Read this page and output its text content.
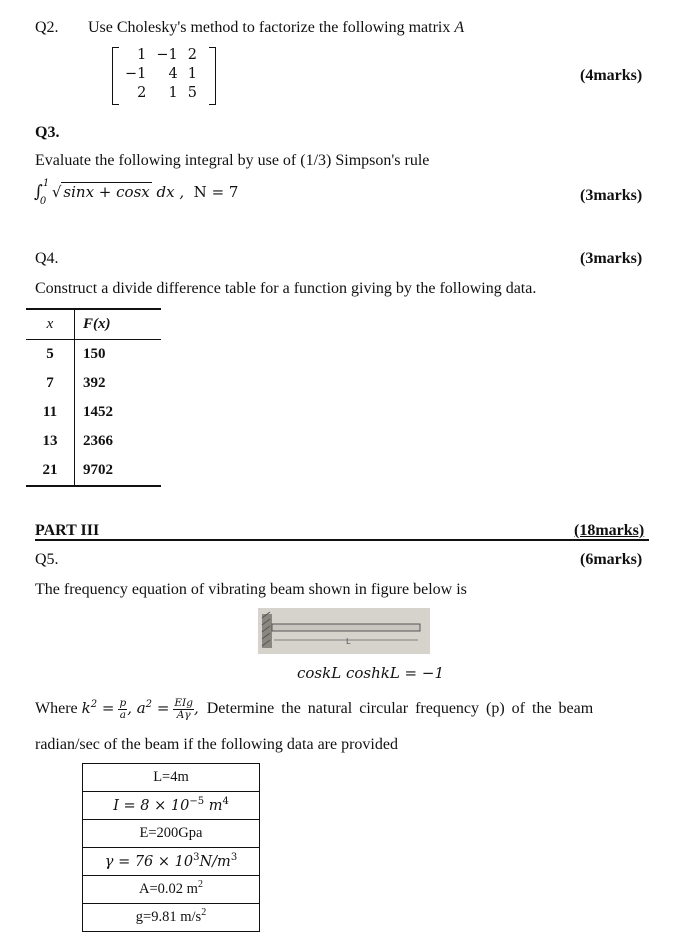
Q2. Use Cholesky's method to factorize the following matrix A
1	−1	2
−1	4	1
2	1	5
(4marks)
Q3.
Evaluate the following integral by use of (1/3) Simpson's rule
∫ 1
0
√ sinx + cosx dx , N = 7	(3marks)
Q4.	(3marks)
Construct a divide difference table for a function giving by the following data.
x	F(x)
5	150
7	392
11	1452
13	2366
21	9702
PART III	(18marks)
Q5.	(6marks)
The frequency equation of vibrating beam shown in figure below is
L
coskL coshkL = −1
Where $k^2 = \frac{p}{a}$ , $a^2 = \frac{\text{EIg}}{A\gamma}$ , Determine the natural circular frequency (p) of the beam
radian/sec of the beam if the following data are provided
L=4m
$I = 8 \times 10^{-5}$ $m^4$
E=200Gpa
$\gamma = 76 \times 10^3N/m^3$
A=0.02 $m^2$
g=9.81 $m/s^2$
